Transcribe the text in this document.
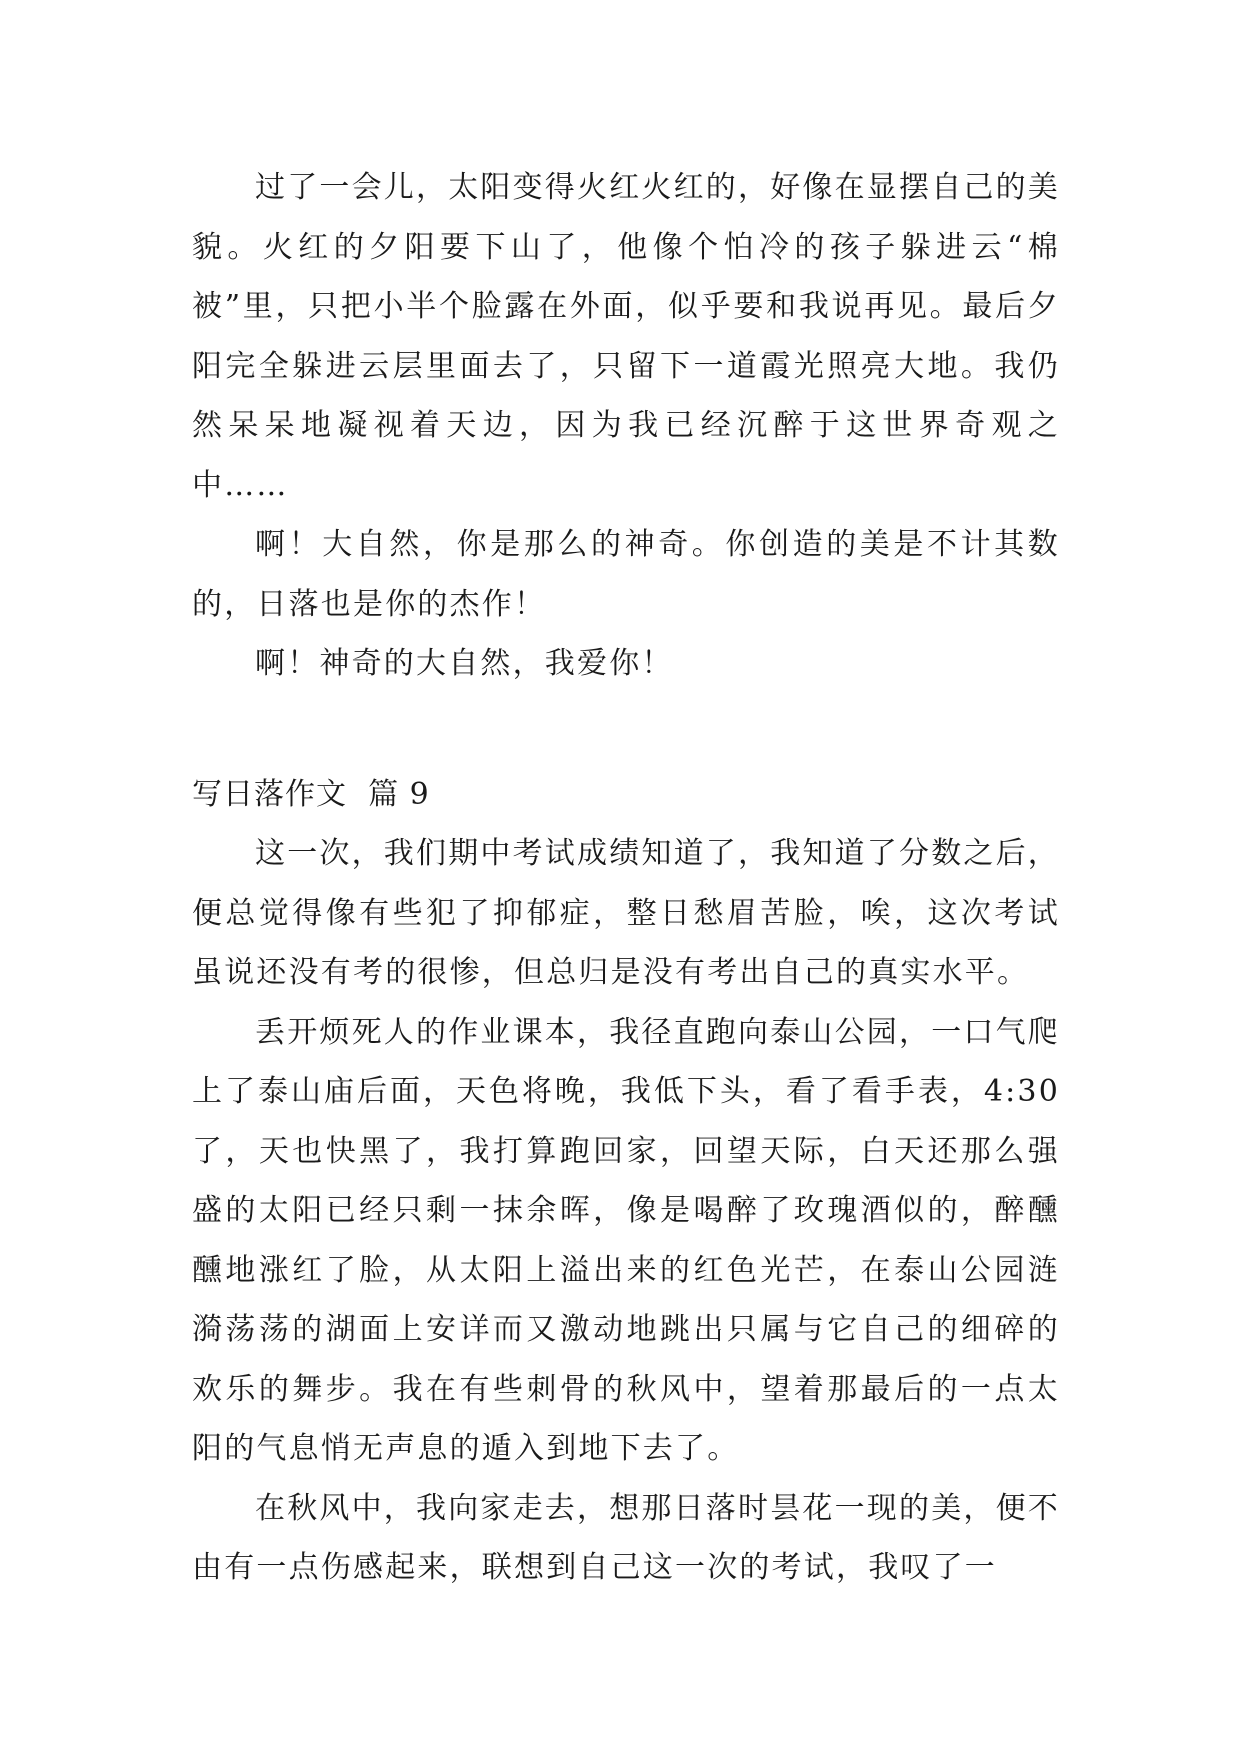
过了一会儿，太阳变得火红火红的，好像在显摆自己的美貌。火红的夕阳要下山了，他像个怕冷的孩子躲进云“棉被”里，只把小半个脸露在外面，似乎要和我说再见。最后夕阳完全躲进云层里面去了，只留下一道霞光照亮大地。我仍然呆呆地凝视着天边，因为我已经沉醉于这世界奇观之中……

啊！大自然，你是那么的神奇。你创造的美是不计其数的，日落也是你的杰作！

啊！神奇的大自然，我爱你！

写日落作文  篇 9

这一次，我们期中考试成绩知道了，我知道了分数之后，便总觉得像有些犯了抑郁症，整日愁眉苦脸，唉，这次考试虽说还没有考的很惨，但总归是没有考出自己的真实水平。

丢开烦死人的作业课本，我径直跑向泰山公园，一口气爬上了泰山庙后面，天色将晚，我低下头，看了看手表，4:30 了，天也快黑了，我打算跑回家，回望天际，白天还那么强盛的太阳已经只剩一抹余晖，像是喝醉了玫瑰酒似的，醉醺醺地涨红了脸，从太阳上溢出来的红色光芒，在泰山公园涟漪荡荡的湖面上安详而又激动地跳出只属与它自己的细碎的欢乐的舞步。我在有些刺骨的秋风中，望着那最后的一点太阳的气息悄无声息的遁入到地下去了。

在秋风中，我向家走去，想那日落时昙花一现的美，便不由有一点伤感起来，联想到自己这一次的考试，我叹了一
